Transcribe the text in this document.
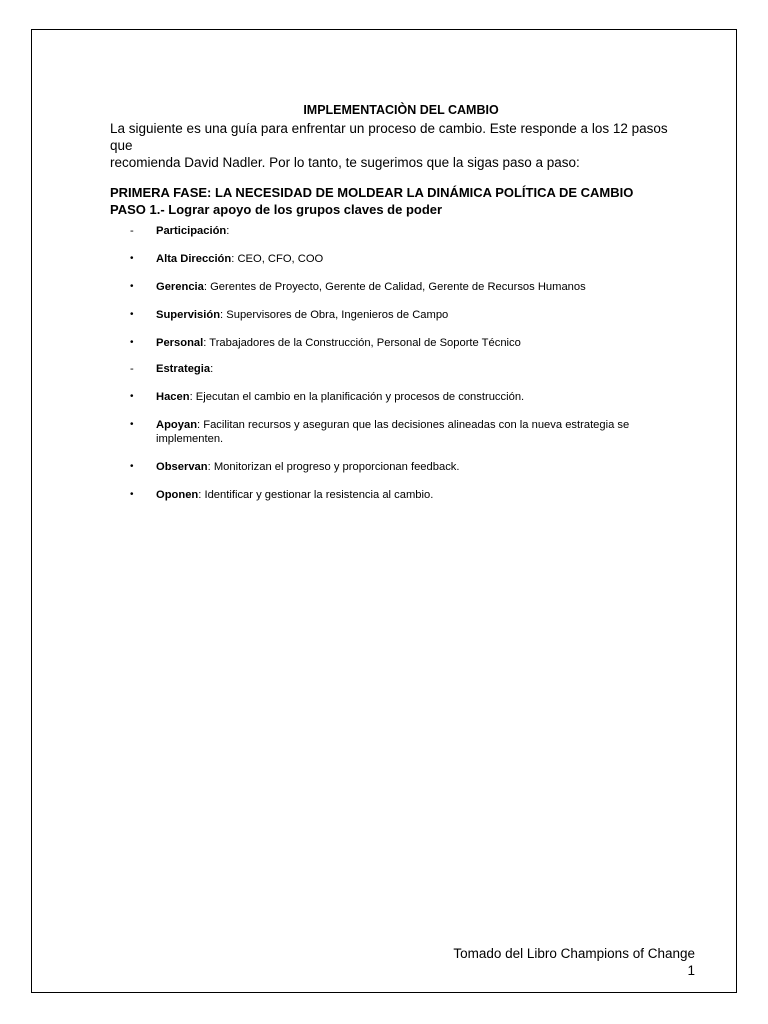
IMPLEMENTACIÒN DEL CAMBIO

La siguiente es una guía para enfrentar un proceso de cambio. Este responde a los 12 pasos que
recomienda David Nadler. Por lo tanto, te sugerimos que la sigas paso a paso:

PRIMERA FASE: LA NECESIDAD DE MOLDEAR LA DINÁMICA POLÍTICA DE CAMBIO

PASO 1.- Lograr apoyo de los grupos claves de poder

-	Participación:
•	Alta Dirección: CEO, CFO, COO
•	Gerencia: Gerentes de Proyecto, Gerente de Calidad, Gerente de Recursos Humanos
•	Supervisión: Supervisores de Obra, Ingenieros de Campo
•	Personal: Trabajadores de la Construcción, Personal de Soporte Técnico
-	Estrategia:
•	Hacen: Ejecutan el cambio en la planificación y procesos de construcción.
•	Apoyan: Facilitan recursos y aseguran que las decisiones alineadas con la nueva estrategia se implementen.
•	Observan: Monitorizan el progreso y proporcionan feedback.
•	Oponen: Identificar y gestionar la resistencia al cambio.
Tomado del Libro Champions of Change
1
